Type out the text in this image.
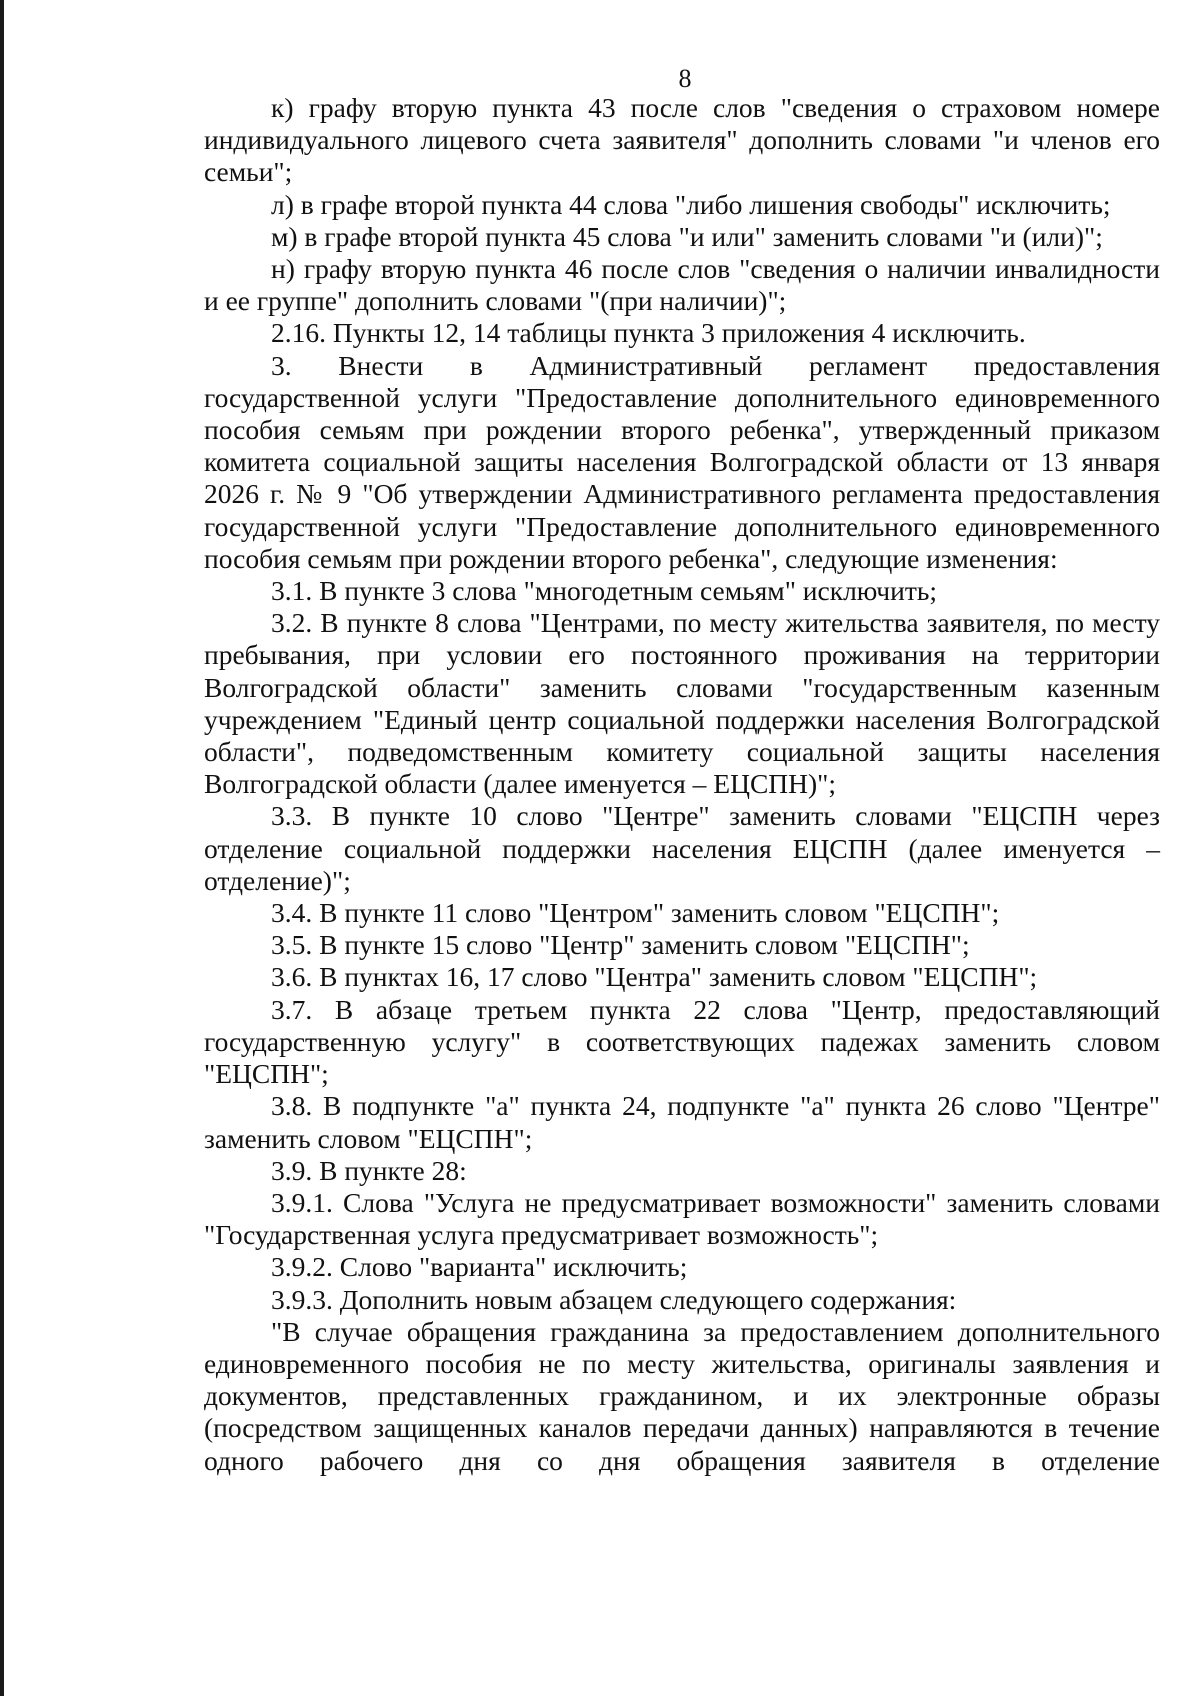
8

к) графу вторую пункта 43 после слов "сведения о страховом номере индивидуального лицевого счета заявителя" дополнить словами "и членов его семьи";

л) в графе второй пункта 44 слова "либо лишения свободы" исключить;

м) в графе второй пункта 45 слова "и или" заменить словами "и (или)";

н) графу вторую пункта 46 после слов "сведения о наличии инвалидности и ее группе" дополнить словами "(при наличии)";

2.16. Пункты 12, 14 таблицы пункта 3 приложения 4 исключить.

3. Внести в Административный регламент предоставления государственной услуги "Предоставление дополнительного единовременного пособия семьям при рождении второго ребенка", утвержденный приказом комитета социальной защиты населения Волгоградской области от 13 января 2026 г. № 9 "Об утверждении Административного регламента предоставления государственной услуги "Предоставление дополнительного единовременного пособия семьям при рождении второго ребенка", следующие изменения:

3.1. В пункте 3 слова "многодетным семьям" исключить;

3.2. В пункте 8 слова "Центрами, по месту жительства заявителя, по месту пребывания, при условии его постоянного проживания на территории Волгоградской области" заменить словами "государственным казенным учреждением "Единый центр социальной поддержки населения Волгоградской области", подведомственным комитету социальной защиты населения Волгоградской области (далее именуется – ЕЦСПН)";

3.3. В пункте 10 слово "Центре" заменить словами "ЕЦСПН через отделение социальной поддержки населения ЕЦСПН (далее именуется – отделение)";

3.4. В пункте 11 слово "Центром" заменить словом "ЕЦСПН";

3.5. В пункте 15 слово "Центр" заменить словом "ЕЦСПН";

3.6. В пунктах 16, 17 слово "Центра" заменить словом "ЕЦСПН";

3.7. В абзаце третьем пункта 22 слова "Центр, предоставляющий государственную услугу" в соответствующих падежах заменить словом "ЕЦСПН";

3.8. В подпункте "а" пункта 24, подпункте "а" пункта 26 слово "Центре" заменить словом "ЕЦСПН";

3.9. В пункте 28:

3.9.1. Слова "Услуга не предусматривает возможности" заменить словами "Государственная услуга предусматривает возможность";

3.9.2. Слово "варианта" исключить;

3.9.3. Дополнить новым абзацем следующего содержания:

"В случае обращения гражданина за предоставлением дополнительного единовременного пособия не по месту жительства, оригиналы заявления и документов, представленных гражданином, и их электронные образы (посредством защищенных каналов передачи данных) направляются в течение одного рабочего дня со дня обращения заявителя в отделение
